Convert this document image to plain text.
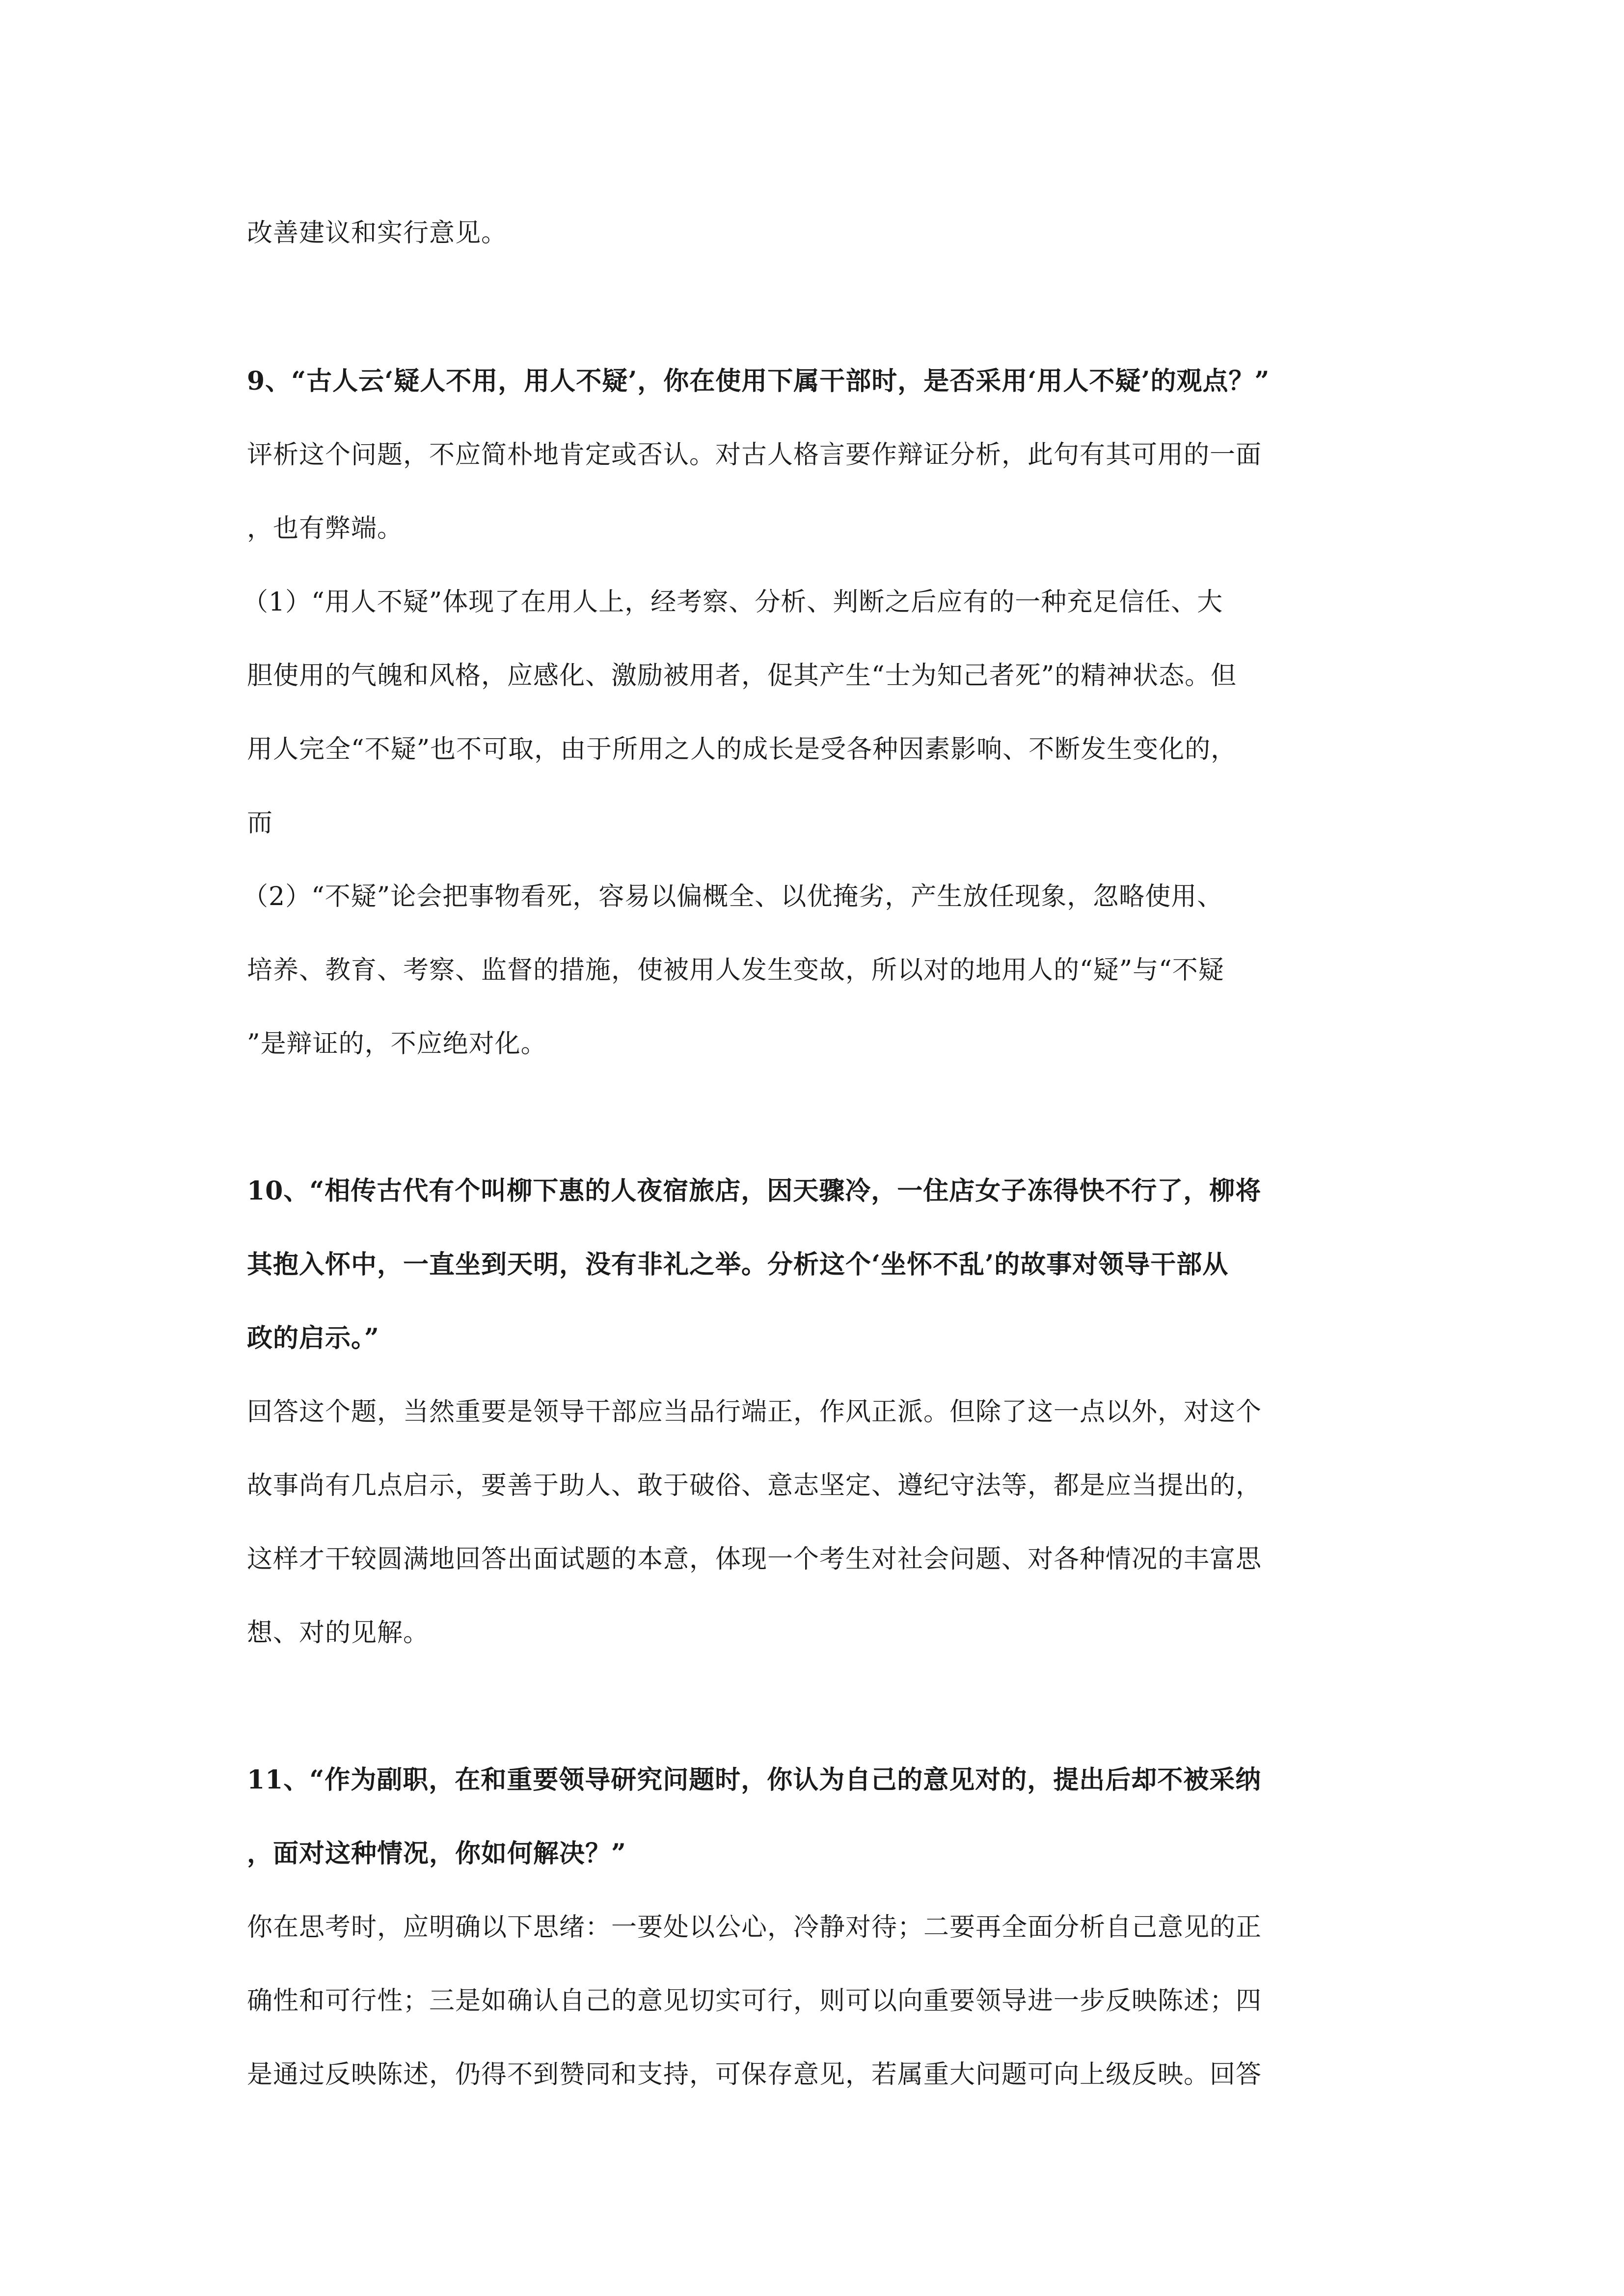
改善建议和实行意见。
9、“古人云‘疑人不用，用人不疑’，你在使用下属干部时，是否采用‘用人不疑’的观点？”
评析这个问题，不应简朴地肯定或否认。对古人格言要作辩证分析，此句有其可用的一面
，也有弊端。
（1）“用人不疑”体现了在用人上，经考察、分析、判断之后应有的一种充足信任、大
胆使用的气魄和风格，应感化、激励被用者，促其产生“士为知己者死”的精神状态。但
用人完全“不疑”也不可取，由于所用之人的成长是受各种因素影响、不断发生变化的，
而
（2）“不疑”论会把事物看死，容易以偏概全、以优掩劣，产生放任现象，忽略使用、
培养、教育、考察、监督的措施，使被用人发生变故，所以对的地用人的“疑”与“不疑
”是辩证的，不应绝对化。
10、“相传古代有个叫柳下惠的人夜宿旅店，因天骤冷，一住店女子冻得快不行了，柳将
其抱入怀中，一直坐到天明，没有非礼之举。分析这个‘坐怀不乱’的故事对领导干部从
政的启示。”
回答这个题，当然重要是领导干部应当品行端正，作风正派。但除了这一点以外，对这个
故事尚有几点启示，要善于助人、敢于破俗、意志坚定、遵纪守法等，都是应当提出的，
这样才干较圆满地回答出面试题的本意，体现一个考生对社会问题、对各种情况的丰富思
想、对的见解。
11、“作为副职，在和重要领导研究问题时，你认为自己的意见对的，提出后却不被采纳
，面对这种情况，你如何解决？”
你在思考时，应明确以下思绪：一要处以公心，冷静对待；二要再全面分析自己意见的正
确性和可行性；三是如确认自己的意见切实可行，则可以向重要领导进一步反映陈述；四
是通过反映陈述，仍得不到赞同和支持，可保存意见，若属重大问题可向上级反映。回答
